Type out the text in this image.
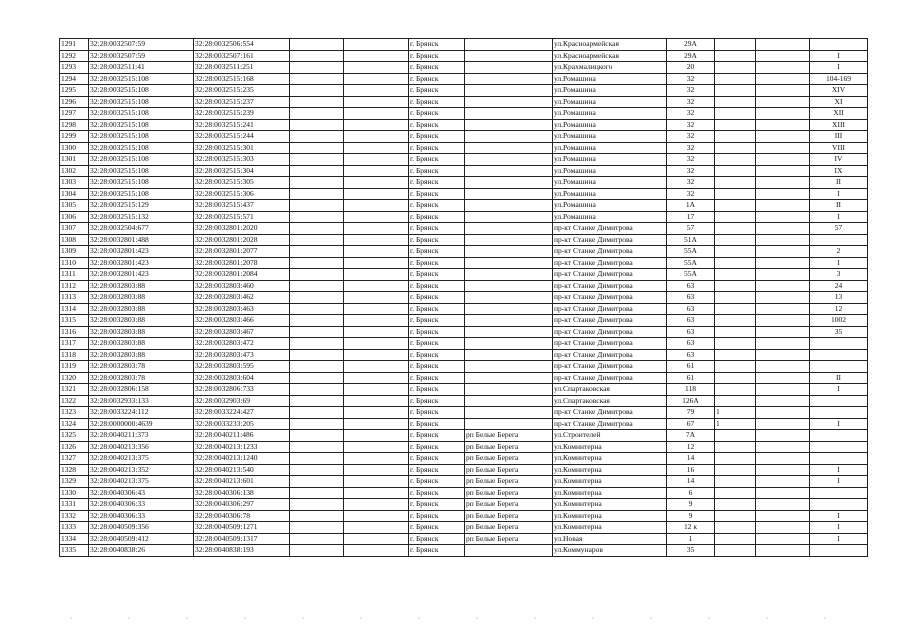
1291	32:28:0032507:59	32:28:0032506:554			г. Брянск		ул.Красноармейская	29А			
1292	32:28:0032507:59	32:28:0032507:161			г. Брянск		ул.Красноармейская	29А			I
1293	32:28:0032511:41	32:28:0032511:251			г. Брянск		ул.Крахмалицкого	20			I
1294	32:28:0032515:108	32:28:0032515:168			г. Брянск		ул.Ромашина	32			104-169
1295	32:28:0032515:108	32:28:0032515:235			г. Брянск		ул.Ромашина	32			XIV
1296	32:28:0032515:108	32:28:0032515:237			г. Брянск		ул.Ромашина	32			XI
1297	32:28:0032515:108	32:28:0032515:239			г. Брянск		ул.Ромашина	32			XII
1298	32:28:0032515:108	32:28:0032515:241			г. Брянск		ул.Ромашина	32			XIII
1299	32:28:0032515:108	32:28:0032515:244			г. Брянск		ул.Ромашина	32			III
1300	32:28:0032515:108	32:28:0032515:301			г. Брянск		ул.Ромашина	32			VIII
1301	32:28:0032515:108	32:28:0032515:303			г. Брянск		ул.Ромашина	32			IV
1302	32:28:0032515:108	32:28:0032515:304			г. Брянск		ул.Ромашина	32			IX
1303	32:28:0032515:108	32:28:0032515:305			г. Брянск		ул.Ромашина	32			II
1304	32:28:0032515:108	32:28:0032515:306			г. Брянск		ул.Ромашина	32			I
1305	32:28:0032515:129	32:28:0032515:437			г. Брянск		ул.Ромашина	1А			II
1306	32:28:0032515:132	32:28:0032515:571			г. Брянск		ул.Ромашина	17			I
1307	32:28:0032504:677	32:28:0032801:2020			г. Брянск		пр-кт Станке Димитрова	57			57
1308	32:28:0032801:488	32:28:0032801:2028			г. Брянск		пр-кт Станке Димитрова	51А			
1309	32:28:0032801:423	32:28:0032801:2077			г. Брянск		пр-кт Станке Димитрова	55А			2
1310	32:28:0032801:423	32:28:0032801:2078			г. Брянск		пр-кт Станке Димитрова	55А			I
1311	32:28:0032801:423	32:28:0032801:2084			г. Брянск		пр-кт Станке Димитрова	55А			3
1312	32:28:0032803:88	32:28:0032803:460			г. Брянск		пр-кт Станке Димитрова	63			24
1313	32:28:0032803:88	32:28:0032803:462			г. Брянск		пр-кт Станке Димитрова	63			13
1314	32:28:0032803:88	32:28:0032803:463			г. Брянск		пр-кт Станке Димитрова	63			12
1315	32:28:0032803:88	32:28:0032803:466			г. Брянск		пр-кт Станке Димитрова	63			1002
1316	32:28:0032803:88	32:28:0032803:467			г. Брянск		пр-кт Станке Димитрова	63			35
1317	32:28:0032803:88	32:28:0032803:472			г. Брянск		пр-кт Станке Димитрова	63			
1318	32:28:0032803:88	32:28:0032803:473			г. Брянск		пр-кт Станке Димитрова	63			
1319	32:28:0032803:78	32:28:0032803:595			г. Брянск		пр-кт Станке Димитрова	61			
1320	32:28:0032803:78	32:28:0032803:604			г. Брянск		пр-кт Станке Димитрова	61			II
1321	32:28:0032806:158	32:28:0032806:733			г. Брянск		ул.Спартаковская	118			I
1322	32:28:0032933:133	32:28:0032903:69			г. Брянск		ул.Спартаковская	126А			
1323	32:28:0033224:112	32:28:0033224:427			г. Брянск		пр-кт Станке Димитрова	79	1		
1324	32:28:0000000:4639	32:28:0033233:205			г. Брянск		пр-кт Станке Димитрова	67	1		I
1325	32:28:0040211:373	32:28:0040211:486			г. Брянск	рп Белые Берега	ул.Строителей	7А			
1326	32:28:0040213:356	32:28:0040213:1233			г. Брянск	рп Белые Берега	ул.Коминтерна	12			
1327	32:28:0040213:375	32:28:0040213:1240			г. Брянск	рп Белые Берега	ул.Коминтерна	14			
1328	32:28:0040213:352	32:28:0040213:540			г. Брянск	рп Белые Берега	ул.Коминтерна	16			I
1329	32:28:0040213:375	32:28:0040213:601			г. Брянск	рп Белые Берега	ул.Коминтерна	14			I
1330	32:28:0040306:43	32:28:0040306:138			г. Брянск	рп Белые Берега	ул.Коминтерна	6			
1331	32:28:0040306:33	32:28:0040306:297			г. Брянск	рп Белые Берега	ул.Коминтерна	9			
1332	32:28:0040306:33	32:28:0040306:78			г. Брянск	рп Белые Берега	ул.Коминтерна	9			I
1333	32:28:0040509:356	32:28:0040509:1271			г. Брянск	рп Белые Берега	ул.Коминтерна	12 к			I
1334	32:28:0040509:412	32:28:0040509:1317			г. Брянск	рп Белые Берега	ул.Новая	1			I
1335	32:28:0040838:26	32:28:0040838:193			г. Брянск		ул.Коммунаров	35			
